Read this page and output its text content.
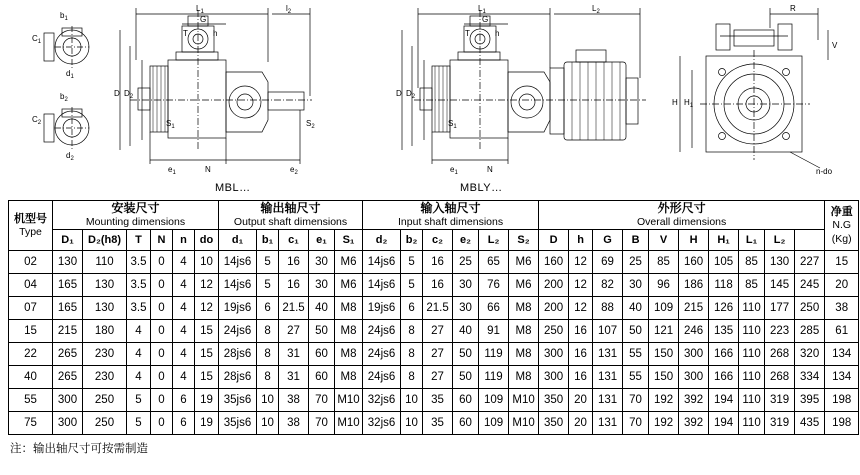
$b_1$
$C_1$
$d_1$
$b_2$
$C_2$
$d_2$
$L_1$
G
$l_2$
T	h
D $D_2$
$S_1$	$S_2$
$e_1$	N	$e_2$
$L_1$	$L_2$
G
T	h
D $D_2$
$S_1$
$e_1$	N
R
V
H $H_1$
n-do
MBL…	MBLY…
机型号
Type	安装尺寸
Mounting dimensions						输出轴尺寸
Output shaft dimensions					输入轴尺寸
Input shaft dimensions						外形尺寸
Overall dimensions										净重
N.G
(Kg)

	D₁	D₂(h8)	T	N	n	do	d₁	b₁	c₁	e₁	S₁	d₂	b₂	c₂	e₂	L₂	S₂	D	h	G	B	V	H	H₁	L₁	L₂		
02	130	110	3.5	0	4	10	14js6	5	16	30	M6	14js6	5	16	25	65	M6	160	12	69	25	85	160	105	85	130	227	15
04	165	130	3.5	0	4	12	14js6	5	16	30	M6	14js6	5	16	30	76	M6	200	12	82	30	96	186	118	85	145	245	20
07	165	130	3.5	0	4	12	19js6	6	21.5	40	M8	19js6	6	21.5	30	66	M8	200	12	88	40	109	215	126	110	177	250	38
15	215	180	4	0	4	15	24js6	8	27	50	M8	24js6	8	27	40	91	M8	250	16	107	50	121	246	135	110	223	285	61
22	265	230	4	0	4	15	28js6	8	31	60	M8	24js6	8	27	50	119	M8	300	16	131	55	150	300	166	110	268	320	134
40	265	230	4	0	4	15	28js6	8	31	60	M8	24js6	8	27	50	119	M8	300	16	131	55	150	300	166	110	268	334	134
55	300	250	5	0	6	19	35js6	10	38	70	M10	32js6	10	35	60	109	M10	350	20	131	70	192	392	194	110	319	395	198
75	300	250	5	0	6	19	35js6	10	38	70	M10	32js6	10	35	60	109	M10	350	20	131	70	192	392	194	110	319	435	198
注：输出轴尺寸可按需制造
